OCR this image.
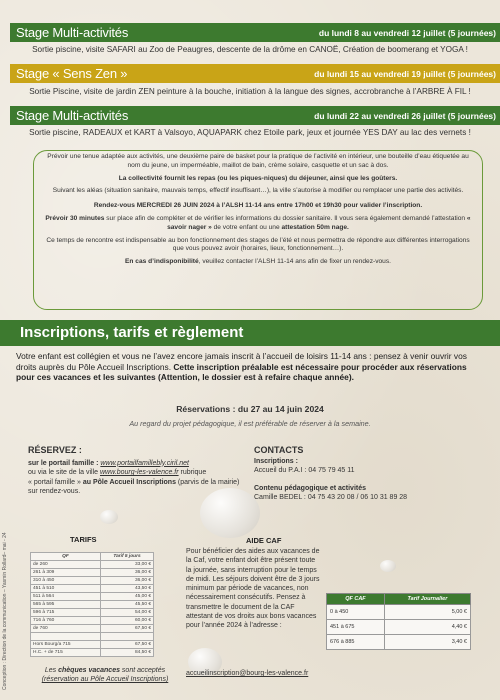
Stage Multi-activités	du lundi 8 au vendredi 12 juillet (5 journées)
Sortie piscine, visite SAFARI au Zoo de Peaugres, descente de la drôme en CANOË, Création de boomerang et YOGA !
Stage « Sens Zen »	du lundi 15 au vendredi 19 juillet (5 journées)
Sortie Piscine, visite de jardin ZEN peinture à la bouche, initiation à la langue des signes, accrobranche à l’ARBRE À FIL !
Stage Multi-activités	du lundi 22 au vendredi 26 juillet (5 journées)
Sortie piscine, RADEAUX et KART à Valsoyo, AQUAPARK chez Etoile park, jeux et journée YES DAY au lac des vernets !

Prévoir une tenue adaptée aux activités, une deuxième paire de basket pour la pratique de l’activité en intérieur, une bouteille d’eau étiquetée au nom du jeune, un imperméable, maillot de bain, crème solaire, casquette et un sac à dos.

La collectivité fournit les repas (ou les piques-niques) du déjeuner, ainsi que les goûters.

Suivant les aléas (situation sanitaire, mauvais temps, effectif insuffisant…), la ville s’autorise à modifier ou remplacer une partie des activités.

Rendez-vous MERCREDI 26 JUIN 2024 à l’ALSH 11-14 ans entre 17h00 et 19h30 pour valider l’inscription.

Prévoir 30 minutes sur place afin de compléter et de vérifier les informations du dossier sanitaire. Il vous sera également demandé l’attestation « savoir nager » de votre enfant ou une attestation 50m nage.

Ce temps de rencontre est indispensable au bon fonctionnement des stages de l’été et nous permettra de répondre aux différentes interrogations que vous pouvez avoir (horaires, lieux, fonctionnement…).

En cas d’indisponibilité, veuillez contacter l’ALSH 11-14 ans afin de fixer un rendez-vous.

Inscriptions, tarifs et règlement
Votre enfant est collégien et vous ne l’avez encore jamais inscrit à l’accueil de loisirs 11-14 ans : pensez à venir ouvrir vos droits auprès du Pôle Accueil Inscriptions. Cette inscription préalable est nécessaire pour procéder aux réservations pour ces vacances et les suivantes (Attention, le dossier est à refaire chaque année).
Réservations : du 27 au 14 juin 2024
Au regard du projet pédagogique, il est préférable de réserver à la semaine.
RÉSERVEZ :
sur le portail famille : www.portailfamillebly.ciril.net
ou via le site de la ville www.bourg-les-valence.fr rubrique
« portail famille » au Pôle Accueil Inscriptions (parvis de la mairie) sur rendez-vous.
CONTACTS
Inscriptions :
Accueil du P.A.I : 04 75 79 45 11
Contenu pédagogique et activités
Camille BEDEL : 04 75 43 20 08 / 06 10 31 89 28
TARIFS
QF	Tarif 5 jours
de 260	33,00 €
261 à 309	36,00 €
310 à 450	36,00 €
451 à 510	43,50 €
511 à 564	45,00 €
565 à 595	45,50 €
596 à 715	54,00 €
716 à 760	60,00 €
de 760	67,50 €

Hors Bourg/a 715	67,50 €
H.C. + de 715	84,50 €
Les chèques vacances sont acceptés
(réservation au Pôle Accueil Inscriptions)
AIDE CAF
Pour bénéficier des aides aux vacances de la Caf, votre enfant doit être présent toute la journée, sans interruption pour le temps de midi. Les séjours doivent être de 3 jours minimum par période de vacances, non nécessairement consécutifs. Pensez à transmettre le document de la CAF attestant de vos droits aux bons vacances pour l’année 2024 à l’adresse :
accueilinscription@bourg-les-valence.fr
QF CAF	Tarif Journalier
0 à 450	5,00 €
451 à 675	4,40 €
676 à 885	3,40 €
Conception : Direction de la communication – Yasmin Rollard– mai - 24
